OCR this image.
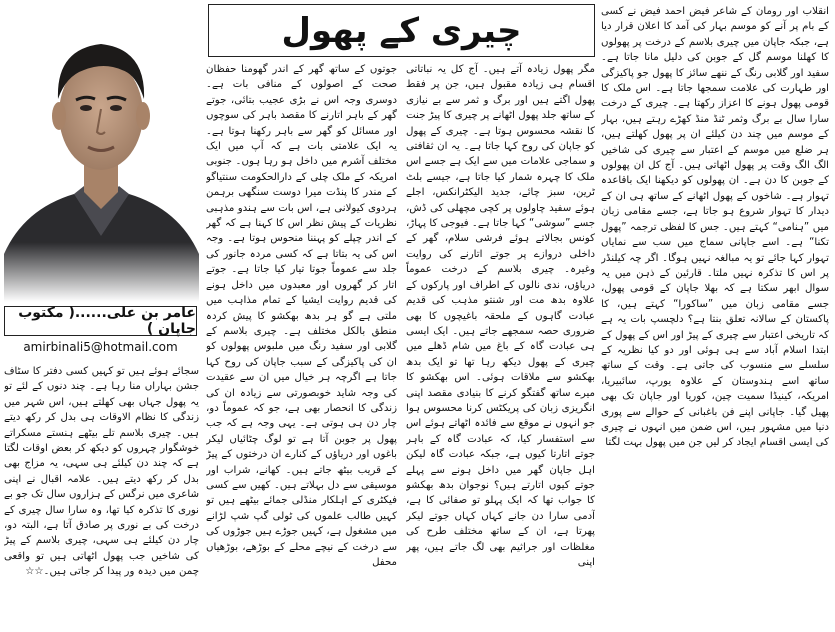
عامر بن علی......( مکتوب جاپان )
amirbinali5@hotmail.com
چیری کے پھول	انقلاب اور رومان کے شاعر فیض احمد فیض نے کسی کے بام پر آنے کو موسم بہار کی آمد کا اعلان قرار دیا ہے، جبکہ جاپان میں چیری بلاسم کے درخت پر پھولوں کا کھلنا موسم گل کے جوبن کی دلیل مانا جاتا ہے۔ سفید اور گلابی رنگ کے ننھے سائز کا پھول جو پاکیزگی اور طہارت کی علامت سمجھا جاتا ہے۔ اس ملک کا قومی پھول ہونے کا اعزاز رکھتا ہے۔ چیری کے درخت سارا سال بے برگ وثمر ٹنڈ منڈ کھڑے رہتے ہیں، بہار کے موسم میں چند دن کیلئے ان پر پھول کھلتے ہیں، ہر ضلع میں موسم کے اعتبار سے چیری کی شاخیں الگ الگ وقت پر پھول اٹھاتی ہیں۔ آج کل ان پھولوں کے جوبن کا دن ہے۔ ان پھولوں کو دیکھنا ایک باقاعدہ تہوار ہے۔ شاخوں کے پھول اٹھانے کے ساتھ ہی ان کے دیدار کا تہوار شروع ہو جاتا ہے، جسے مقامی زبان میں ”ہنامی“ کہتے ہیں۔ جس کا لفظی ترجمہ ”پھول تکنا“ ہے۔ اسے جاپانی سماج میں سب سے نمایاں تہوار کہا جائے تو یہ مبالغہ نہیں ہوگا۔ اگر چہ کیلنڈر پر اس کا تذکرہ نہیں ملتا۔ قارئین کے ذہن میں یہ سوال ابھر سکتا ہے کہ بھلا جاپان کے قومی پھول، جسے مقامی زبان میں ”ساکورا“ کہتے ہیں، کا پاکستان کے سالانہ تعلق بنتا ہے؟ دلچسپ بات یہ ہے کہ تاریخی اعتبار سے چیری کے پیڑ اور اس کے پھول کے ابتدا اسلام آباد سے ہی ہوئی اور دو کیا نظریہ کے سلسلے سے منسوب کی جاتی ہے۔ وقت کے ساتھ ساتھ اسے ہندوستان کے علاوہ یورپ، سائبیریا، امریکہ، کینیڈا سمیت چین، کوریا اور جاپان تک بھی پھیل گیا۔ جاپانی اپنے فن باغبانی کے حوالے سے پوری دنیا میں مشہور ہیں، اس ضمن میں انہوں نے چیری کی ایسی اقسام ایجاد کر لیں جن میں پھول بہت لگتا

مگر پھول زیادہ آتے ہیں۔ آج کل یہ نباتاتی اقسام ہی زیادہ مقبول ہیں، جن پر فقط پھول اگتے ہیں اور برگ و ثمر سے بے نیازی کے ساتھ جلد پھول اٹھانے پر چیری کا پیڑ جنت کا نقشہ محسوس ہوتا ہے۔ چیری کے پھول کو جاپان کی روح کہا جاتا ہے۔ یہ ان ثقافتی و سماجی علامات میں سے ایک ہے جسے اس ملک کا چہرہ شمار کیا جاتا ہے، جیسے بلٹ ٹرین، سبز چائے، جدید الیکٹرانکس، اجلے ہوئے سفید چاولوں پر کچی مچھلی کی ڈش، جسے ”سوشی“ کہا جاتا ہے۔ فیوجی کا پہاڑ، کونس بجالاتے ہوئے فرشی سلام، گھر کے داخلی دروازے پر جوتے اتارنے کی روایت وغیرہ۔ چیری بلاسم کے درخت عموماً دریاؤں، ندی نالوں کے اطراف اور پارکوں کے علاوہ بدھ مت اور شنتو مذہب کی قدیم عبادت گاہوں کے ملحقہ باغیچوں کا بھی ضروری حصہ سمجھے جاتے ہیں۔ ایک ایسی ہی عبادت گاہ کے باغ میں شام ڈھلے میں چیری کے پھول دیکھ رہا تھا تو ایک بدھ بھکشو سے ملاقات ہوئی۔ اس بھکشو کا میرے ساتھ گفتگو کرنے کا بنیادی مقصد اپنی انگریزی زبان کی پریکٹس کرنا محسوس ہوا جو انہوں نے موقع سے فائدہ اٹھاتے ہوئے اس سے استفسار کیا، کہ عبادت گاہ کے باہر جوتے اتارتا کیوں ہے، جبکہ عبادت گاہ لیکن اہل جاپان گھر میں داخل ہونے سے پہلے جوتے کیوں اتارتے ہیں؟ نوجوان بدھ بھکشو کا جواب تھا کہ ایک پہلو تو صفائی کا ہے، آدمی سارا دن جانے کہاں کہاں جوتے لیکر پھرتا ہے، ان کے ساتھ مختلف طرح کی مغلظات اور جراثیم بھی لگ جاتے ہیں، پھر اپنی

جوتوں کے ساتھ گھر کے اندر گھومنا حفظان صحت کے اصولوں کے منافی بات ہے۔ دوسری وجہ اس نے بڑی عجیب بتائی، جوتے گھر کے باہر اتارنے کا مقصد باہر کی سوچوں اور مسائل کو گھر سے باہر رکھنا ہوتا ہے۔ یہ ایک علامتی بات ہے کہ آپ میں ایک مختلف آشرم میں داخل ہو رہا ہوں۔ جنوبی امریکہ کے ملک چلی کے دارالحکومت سنتیاگو کے مندر کا پنڈت میرا دوست سنگھی برہمن ہردوی کیولانی ہے، اس بات سے ہندو مذہبی نظریات کے پیش نظر اس کا کہنا ہے کہ گھر کے اندر چپلے کو پہننا منحوس ہوتا ہے۔ وجہ اس کی یہ بتاتا ہے کہ کسی مردہ جانور کی جلد سے عموماً جوتا تیار کیا جاتا ہے۔ جوتے اتار کر گھروں اور معبدوں میں داخل ہونے کی قدیم روایت ایشیا کے تمام مذاہب میں ملتی ہے گو ہر بدھ بھکشو کا پیش کردہ منطق بالکل مختلف ہے۔ چیری بلاسم کے گلابی اور سفید رنگ میں ملبوس پھولوں کو ان کی پاکیزگی کے سبب جاپان کی روح کہا جاتا ہے اگرچہ ہر خیال میں ان سے عقیدت کی وجہ شاید خوبصورتی سے زیادہ ان کی زندگی کا انحصار بھی ہے، جو کہ عموماً دو، چار دن ہی ہوتی ہے۔ یہی وجہ ہے کہ جب پھول پر جوبن آتا ہے تو لوگ چٹائیاں لیکر باغوں اور دریاؤں کے کنارے ان درختوں کے پیڑ کے قریب بیٹھ جاتے ہیں۔ کھانے، شراب اور موسیقی سے دل بہلاتے ہیں۔ کھیں سے کسی فیکٹری کے اہلکار منڈلی جمائے بیٹھے ہیں تو کہیں طالب علموں کی ٹولی گپ شپ لڑانے میں مشغول ہے، کہیں جوڑے ہیں جوڑوں کی سے درخت کے نیچے محلے کے بوڑھے، بوڑھیاں محفل

سجائے ہوئے ہیں تو کہیں کسی دفتر کا سٹاف جشن بہاراں منا رہا ہے۔ چند دنوں کے لئے تو یہ پھول جہاں بھی کھلتے ہیں، اس شہر میں زندگی کا نظام الاوقات ہی بدل کر رکھ دیتے ہیں۔ چیری بلاسم تلے بیٹھے ہنستے مسکراتے خوشگوار چہروں کو دیکھ کر بعض اوقات لگتا ہے کہ چند دن کیلئے ہی سہی، یہ مزاج بھی بدل کر رکھ دیتے ہیں۔ علامہ اقبال نے اپنی شاعری میں نرگس کے ہزاروں سال تک جو بے نوری کا تذکرہ کیا تھا، وہ سارا سال چیری کے درخت کی بے نوری پر صادق آتا ہے، البتہ دو، چار دن کیلئے ہی سہی، چیری بلاسم کے پیڑ کی شاخیں جب پھول اٹھاتی ہیں تو واقعی چمن میں دیدہ ور پیدا کر جاتی ہیں۔☆☆
